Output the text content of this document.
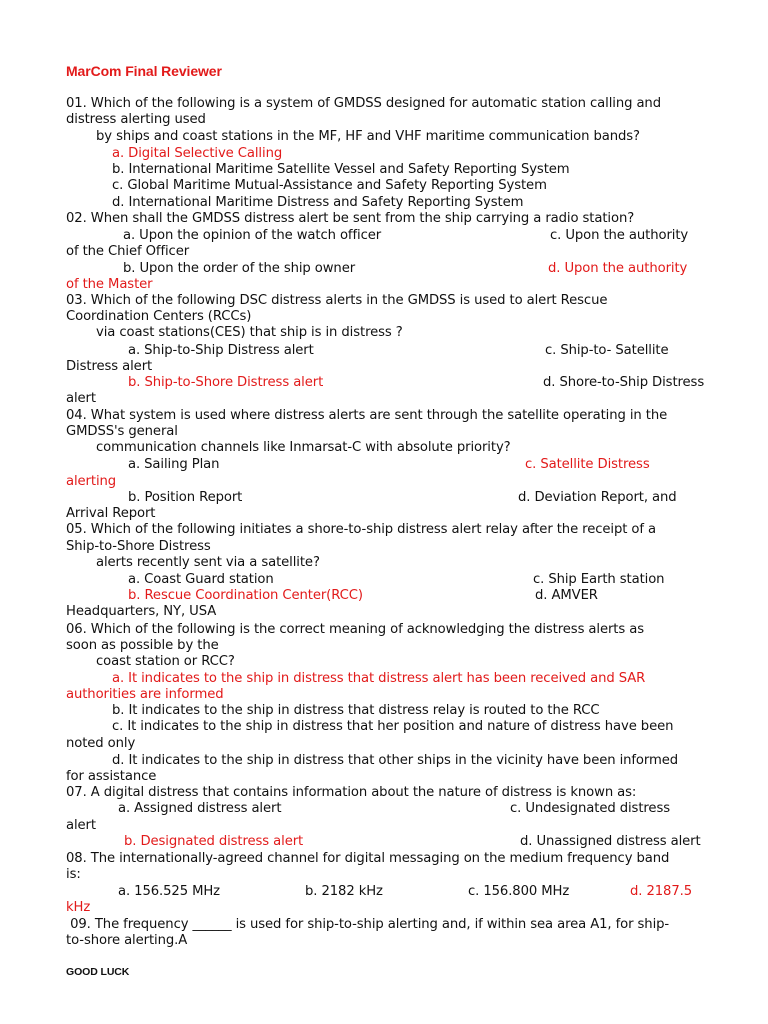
MarCom Final Reviewer
01. Which of the following is a system of GMDSS designed for automatic station calling and
distress alerting used
by ships and coast stations in the MF, HF and VHF maritime communication bands?
a. Digital Selective Calling
b. International Maritime Satellite Vessel and Safety Reporting System
c. Global Maritime Mutual-Assistance and Safety Reporting System
d. International Maritime Distress and Safety Reporting System
02. When shall the GMDSS distress alert be sent from the ship carrying a radio station?
a. Upon the opinion of the watch officer	c. Upon the authority
of the Chief Officer
b. Upon the order of the ship owner	d. Upon the authority
of the Master
03. Which of the following DSC distress alerts in the GMDSS is used to alert Rescue
Coordination Centers (RCCs)
via coast stations(CES) that ship is in distress ?
a. Ship-to-Ship Distress alert	c. Ship-to- Satellite
Distress alert
b. Ship-to-Shore Distress alert	d. Shore-to-Ship Distress
alert
04. What system is used where distress alerts are sent through the satellite operating in the
GMDSS's general
communication channels like Inmarsat-C with absolute priority?
a. Sailing Plan	c. Satellite Distress
alerting
b. Position Report	d. Deviation Report, and
Arrival Report
05. Which of the following initiates a shore-to-ship distress alert relay after the receipt of a
Ship-to-Shore Distress
alerts recently sent via a satellite?
a. Coast Guard station	c. Ship Earth station
b. Rescue Coordination Center(RCC)	d. AMVER
Headquarters, NY, USA
06. Which of the following is the correct meaning of acknowledging the distress alerts as
soon as possible by the
coast station or RCC?
a. It indicates to the ship in distress that distress alert has been received and SAR
authorities are informed
b. It indicates to the ship in distress that distress relay is routed to the RCC
c. It indicates to the ship in distress that her position and nature of distress have been
noted only
d. It indicates to the ship in distress that other ships in the vicinity have been informed
for assistance
07. A digital distress that contains information about the nature of distress is known as:
a. Assigned distress alert	c. Undesignated distress
alert
b. Designated distress alert	d. Unassigned distress alert
08. The internationally-agreed channel for digital messaging on the medium frequency band
is:
a. 156.525 MHz	b. 2182 kHz	c. 156.800 MHz	d. 2187.5
kHz
09. The frequency ______ is used for ship-to-ship alerting and, if within sea area A1, for ship-
to-shore alerting.A
GOOD LUCK
